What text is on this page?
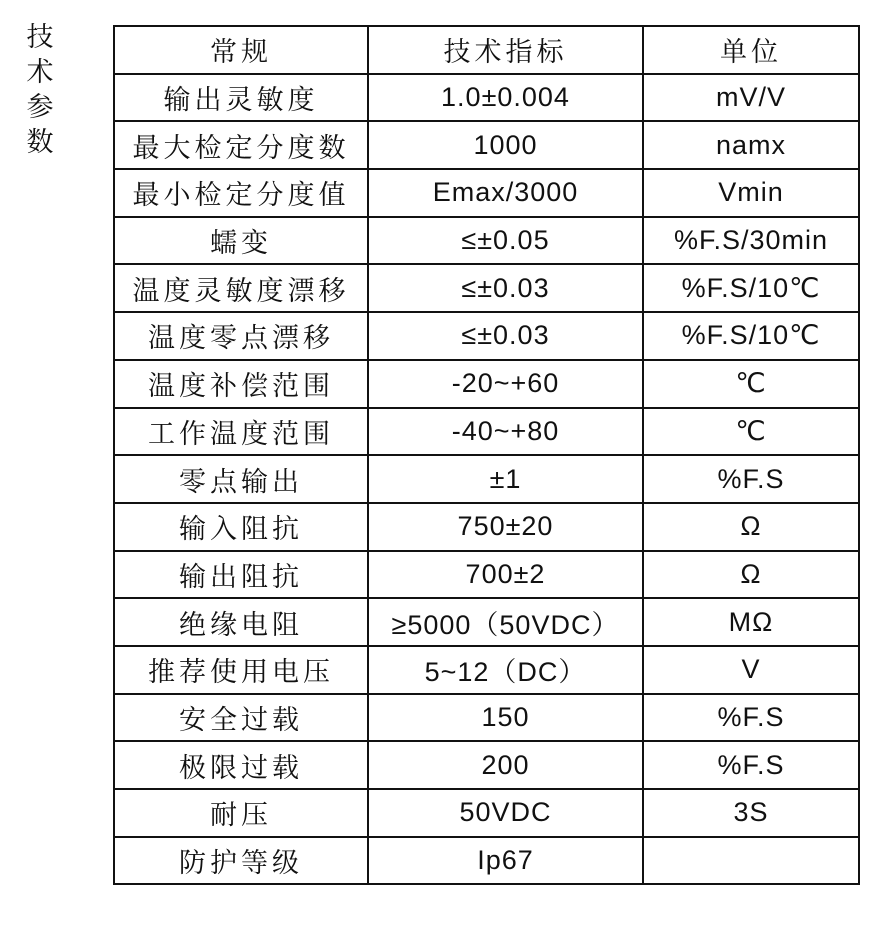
技
术
参
数
常规	技术指标	单位
输出灵敏度	1.0±0.004	mV/V
最大检定分度数	1000	namx
最小检定分度值	Emax/3000	Vmin
蠕变	≤±0.05	%F.S/30min
温度灵敏度漂移	≤±0.03	%F.S/10℃
温度零点漂移	≤±0.03	%F.S/10℃
温度补偿范围	-20~+60	℃
工作温度范围	-40~+80	℃
零点输出	±1	%F.S
输入阻抗	750±20	Ω
输出阻抗	700±2	Ω
绝缘电阻	≥5000（50VDC）	MΩ
推荐使用电压	5~12（DC）	V
安全过载	150	%F.S
极限过载	200	%F.S
耐压	50VDC	3S
防护等级	Ip67	
